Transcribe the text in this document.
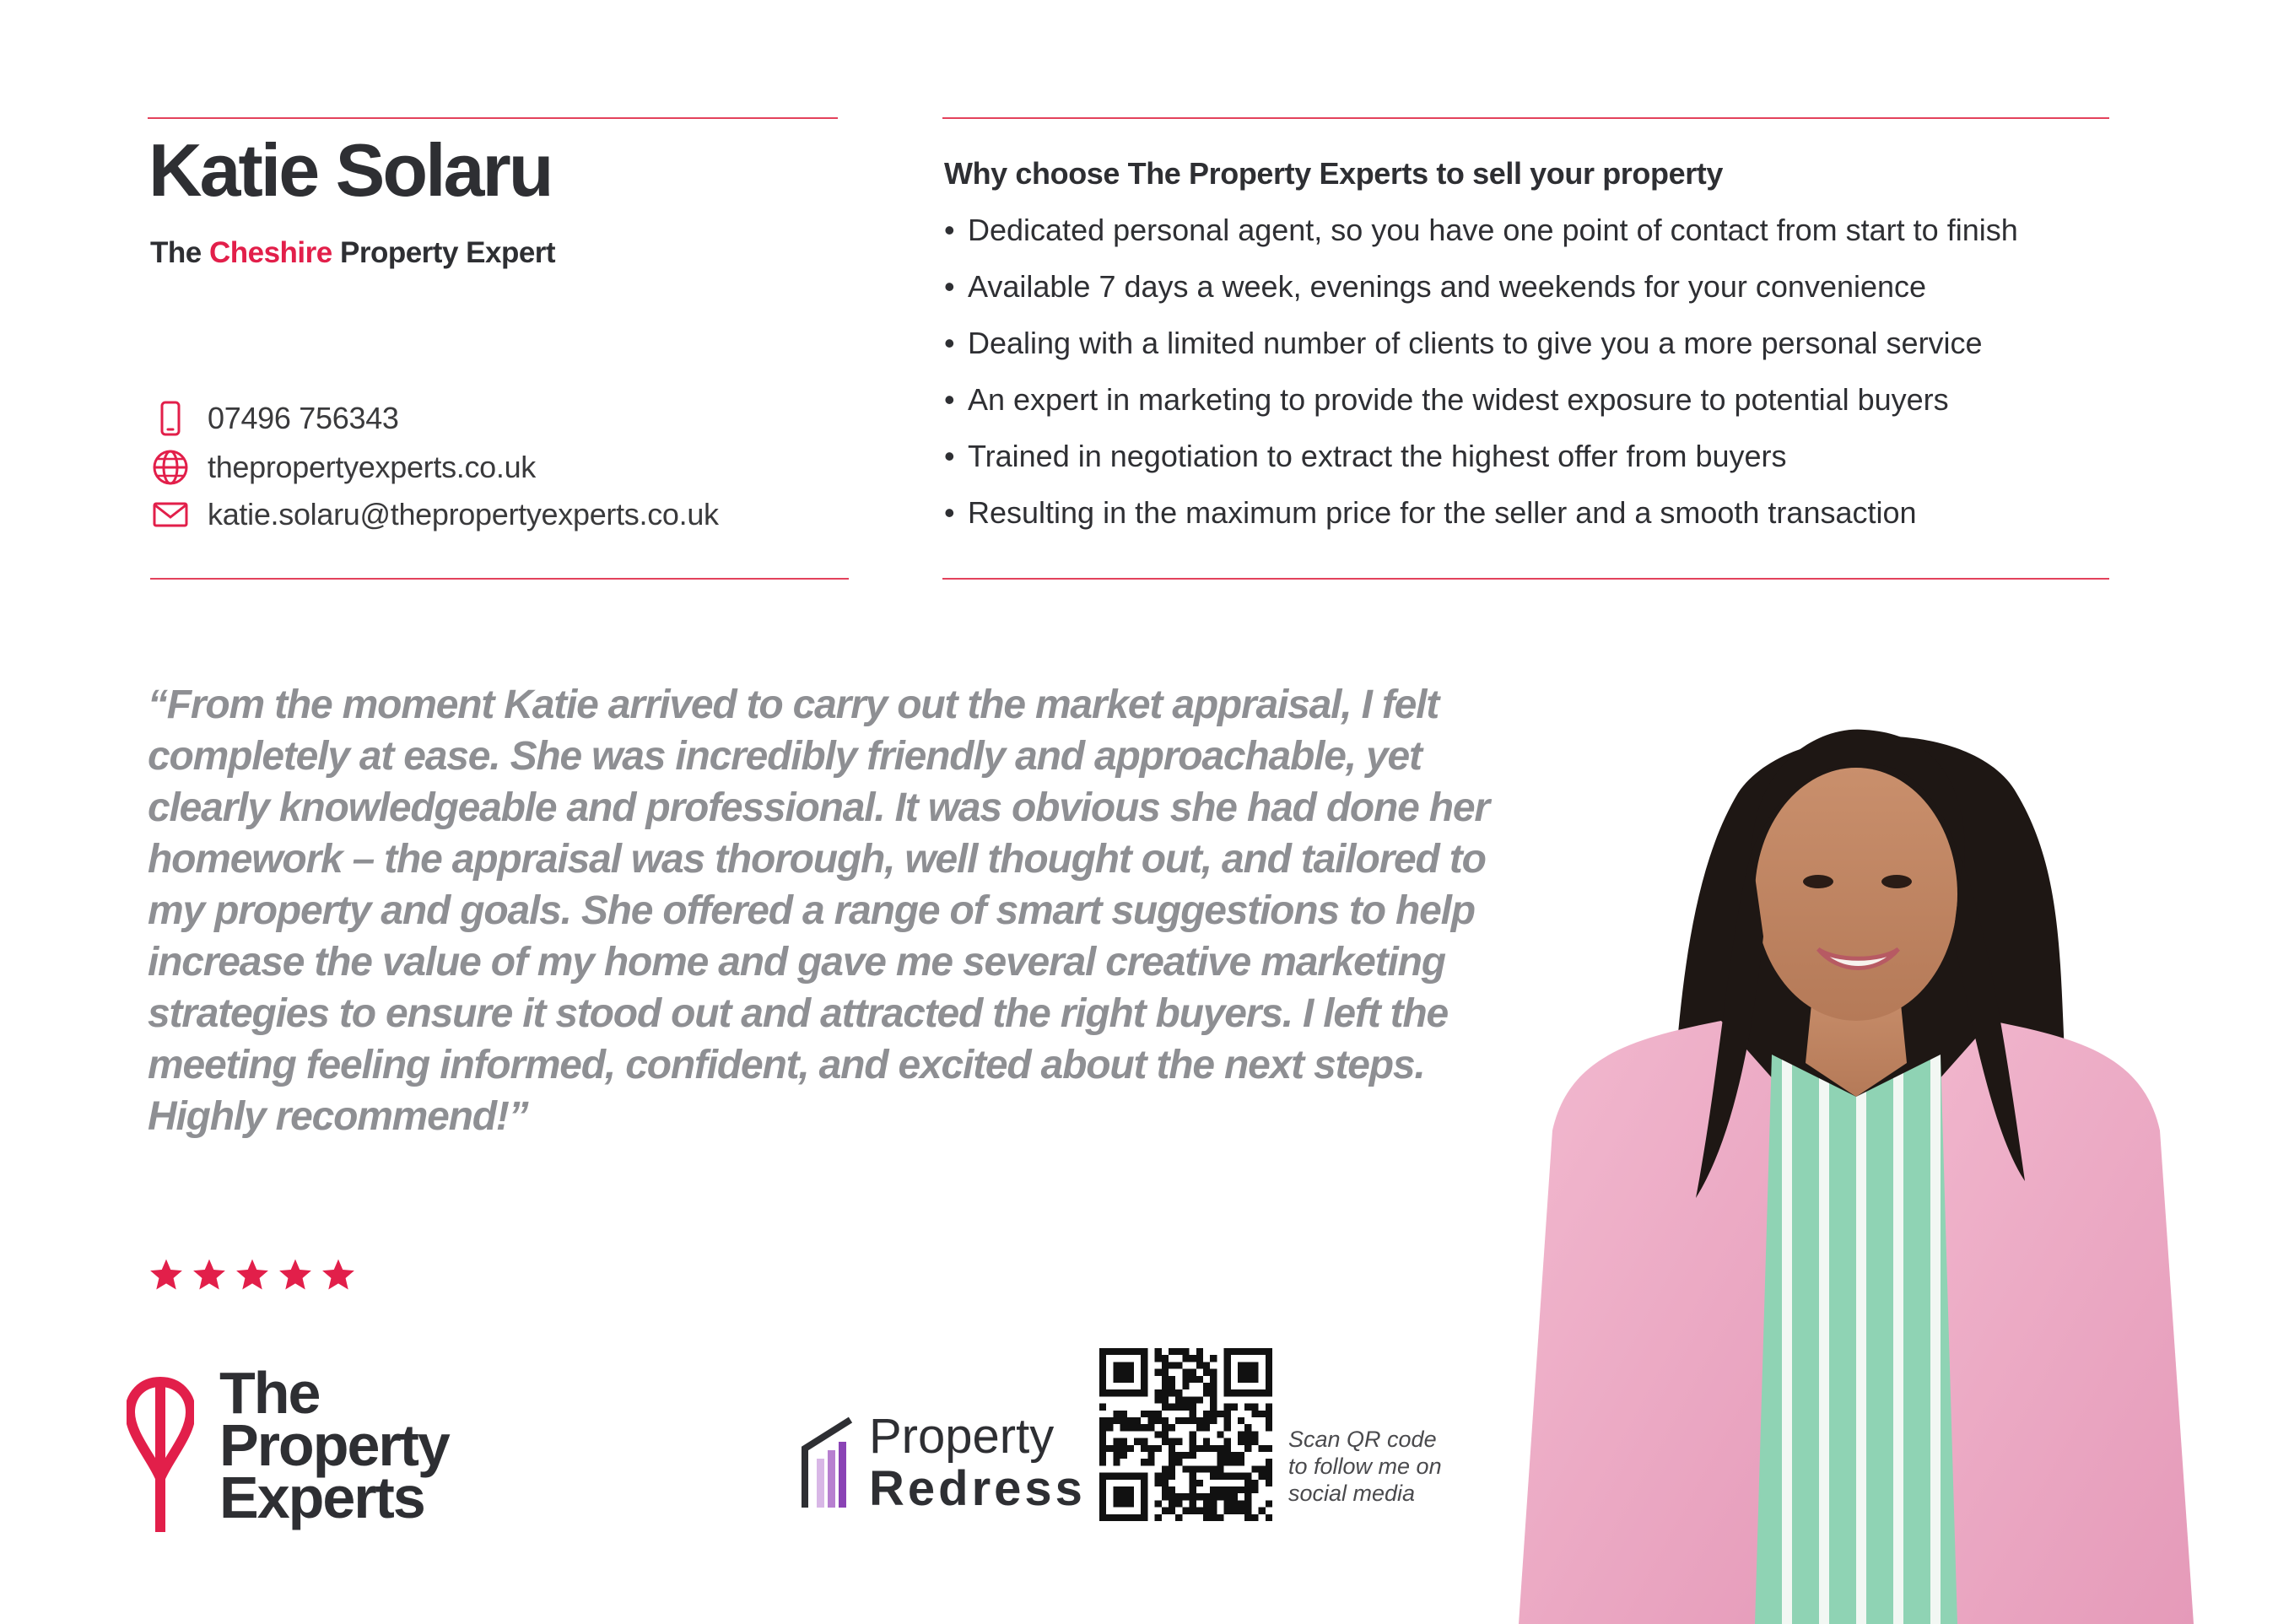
Katie Solaru
The Cheshire Property Expert
07496 756343
thepropertyexperts.co.uk
katie.solaru@thepropertyexperts.co.uk
Why choose The Property Experts to sell your property
• Dedicated personal agent, so you have one point of contact from start to finish
• Available 7 days a week, evenings and weekends for your convenience
• Dealing with a limited number of clients to give you a more personal service
• An expert in marketing to provide the widest exposure to potential buyers
• Trained in negotiation to extract the highest offer from buyers
• Resulting in the maximum price for the seller and a smooth transaction
“From the moment Katie arrived to carry out the market appraisal, I felt
completely at ease. She was incredibly friendly and approachable, yet
clearly knowledgeable and professional. It was obvious she had done her
homework – the appraisal was thorough, well thought out, and tailored to
my property and goals. She offered a range of smart suggestions to help
increase the value of my home and gave me several creative marketing
strategies to ensure it stood out and attracted the right buyers. I left the
meeting feeling informed, confident, and excited about the next steps.
Highly recommend!”
The
Property
Experts
Property
Redress
Scan QR code
to follow me on
social media
